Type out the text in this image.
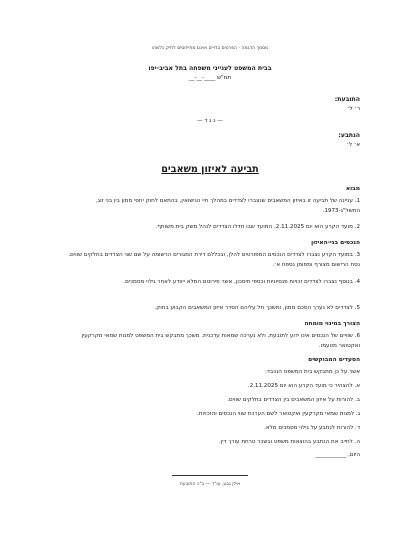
מסמך הדגמה · הפרטים בדויים ואינם מתייחסים לתיק כלשהו
בבית המשפט לענייני משפחה בתל אביב-יפו
תמ"ש ____-__-__
התובעת:
ר׳ ל׳
— נ ג ד —
הנתבע:
א׳ ל׳
תביעה לאיזון משאבים
מבוא
1. עניינה של תביעה זו באיזון המשאבים שנצברו לצדדים במהלך חיי הנישואין, בהתאם לחוק יחסי ממון בין בני זוג, התשל"ג-1973.
2. מועד הקרע הוא יום 2.11.2025, המועד שבו חדלו הצדדים לנהל משק בית משותף.
הנכסים בני-האיזון
3. במועד הקרע נצברו לצדדים הנכסים המפורטים להלן, ובכללם דירת המגורים הרשומה על שם שני הצדדים בחלקים שווים. נסח הרישום מצורף ומסומן נספח א׳.
4. בנוסף נצברו לצדדים זכויות פנסיוניות וכספי חיסכון, אשר פירוטם המלא ייוודע לאחר גילוי מסמכים.
5. לצדדים לא נערך הסכם ממון, ומשכך חל עליהם הסדר איזון המשאבים הקבוע בחוק.
הצורך במינוי מומחה
6. שוויים של הנכסים אינו ידוע לתובעת, ולא נערכה שמאות עדכנית. משכך מתבקש בית המשפט למנות שמאי מקרקעין ואקטואר מטעמו.
הסעדים המבוקשים
אשר על כן מתבקש בית המשפט הנכבד:
א. להצהיר כי מועד הקרע הוא יום 2.11.2025.
ב. להורות על איזון המשאבים בין הצדדים בחלקים שווים.
ג. למנות שמאי מקרקעין ואקטואר לשם הערכת שווי הנכסים והזכויות.
ד. להורות לנתבע על גילוי מסמכים מלא.
ה. לחייב את הנתבע בהוצאות משפט ובשכר טרחת עורך דין.
היום, ___________
אילן גבע, עו"ד — ב"כ התובעת
